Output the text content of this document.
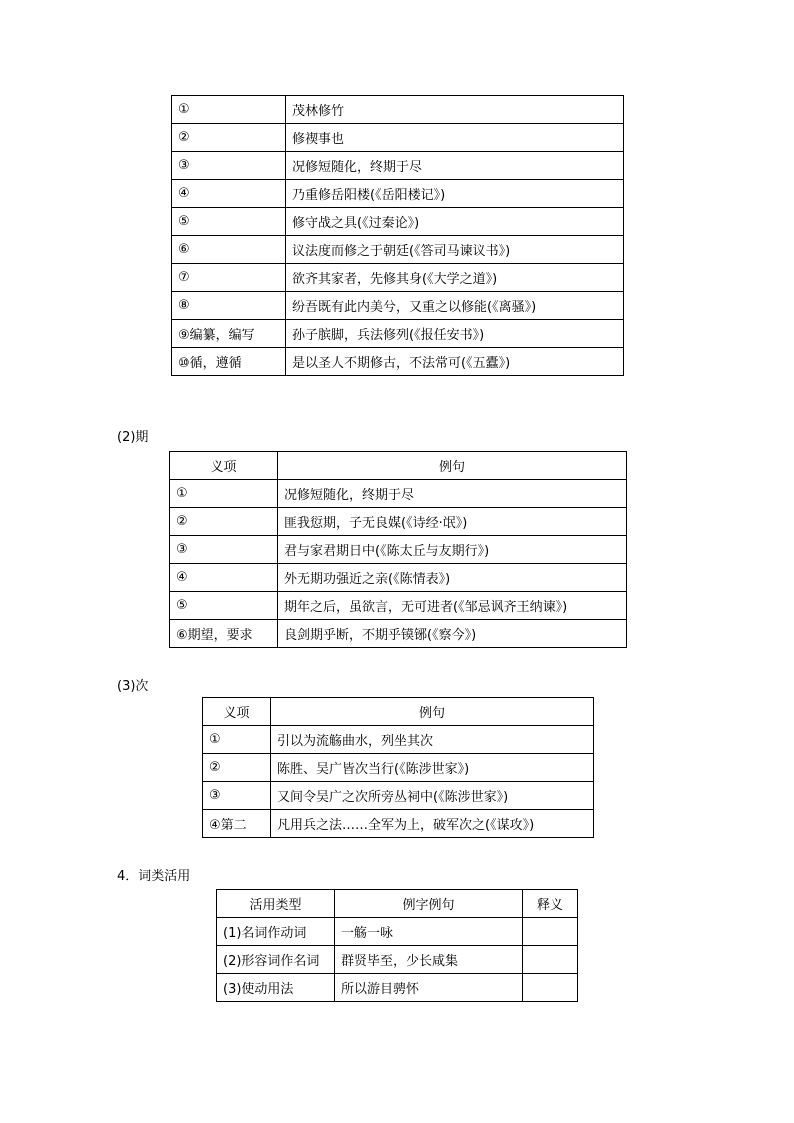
①	茂林修竹
②	修禊事也
③	况修短随化，终期于尽
④	乃重修岳阳楼(《岳阳楼记》)
⑤	修守战之具(《过秦论》)
⑥	议法度而修之于朝廷(《答司马谏议书》)
⑦	欲齐其家者，先修其身(《大学之道》)
⑧	纷吾既有此内美兮，又重之以修能(《离骚》)
⑨编纂，编写	孙子膑脚，兵法修列(《报任安书》)
⑩循，遵循	是以圣人不期修古，不法常可(《五蠹》)
(2)期
义项	例句
①	况修短随化，终期于尽
②	匪我愆期，子无良媒(《诗经·氓》)
③	君与家君期日中(《陈太丘与友期行》)
④	外无期功强近之亲(《陈情表》)
⑤	期年之后，虽欲言，无可进者(《邹忌讽齐王纳谏》)
⑥期望，要求	良剑期乎断，不期乎镆铘(《察今》)
(3)次
义项	例句
①	引以为流觞曲水，列坐其次
②	陈胜、吴广皆次当行(《陈涉世家》)
③	又间令吴广之次所旁丛祠中(《陈涉世家》)
④第二	凡用兵之法……全军为上，破军次之(《谋攻》)
4．词类活用
活用类型	例字例句	释义
(1)名词作动词	一觞一咏	
(2)形容词作名词	群贤毕至，少长咸集	
(3)使动用法	所以游目骋怀	
